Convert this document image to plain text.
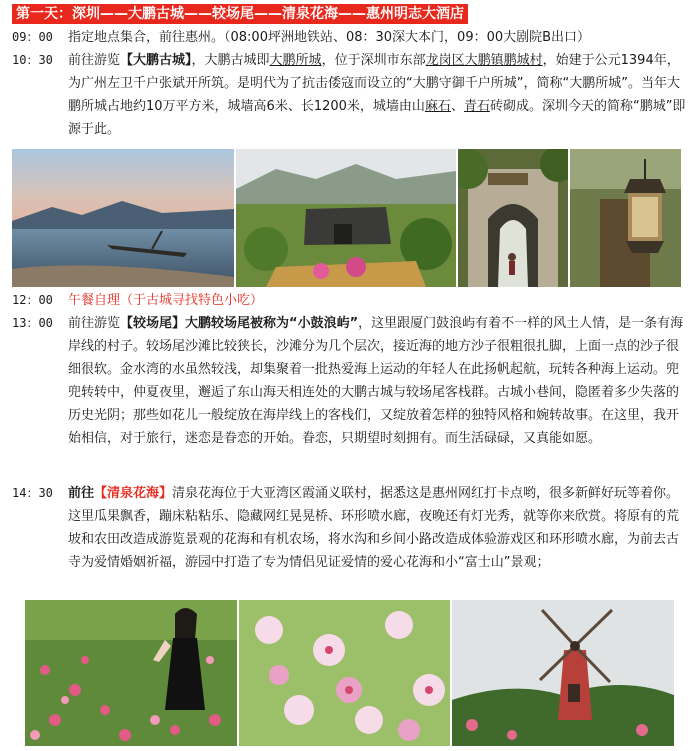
第一天：深圳——大鹏古城——较场尾——清泉花海——惠州明志大酒店
09：00	指定地点集合，前往惠州。（08:00坪洲地铁站、08：30深大本门，09：00大剧院B出口）
10：30	前往游览【大鹏古城】，大鹏古城即大鹏所城，位于深圳市东部龙岗区大鹏镇鹏城村，始建于公元1394年， 为广州左卫千户张斌开所筑。是明代为了抗击倭寇而设立的“大鹏守御千户所城”，简称“大鹏所城”。当年大鹏所城占地约10万平方米，城墙高6米、长1200米，城墙由山麻石、青石砖砌成。深圳今天的简称“鹏城”即源于此。
12：00	午餐自理（于古城寻找特色小吃）
13：00	前往游览【较场尾】大鹏较场尾被称为“小鼓浪屿”，这里跟厦门鼓浪屿有着不一样的风土人情，是一条有海岸线的村子。较场尾沙滩比较狭长，沙滩分为几个层次，接近海的地方沙子很粗很扎脚，上面一点的沙子很细很软。金水湾的水虽然较浅，却集聚着一批热爱海上运动的年轻人在此扬帆起航，玩转各种海上运动。兜兜转转中，仲夏夜里，邂逅了东山海天相连处的大鹏古城与较场尾客栈群。古城小巷间，隐匿着多少失落的历史光阴；那些如花儿一般绽放在海岸线上的客栈们，又绽放着怎样的独特风格和婉转故事。在这里，我开始相信，对于旅行，迷恋是眷恋的开始。眷恋，只期望时刻拥有。而生活碌碌，又真能如愿。
14：30	前往【清泉花海】清泉花海位于大亚湾区霞涌义联村，据悉这是惠州网红打卡点哟，很多新鲜好玩等着你。这里瓜果飘香，蹦床粘粘乐、隐藏网红晃晃桥、环形喷水廊，夜晚还有灯光秀，就等你来欣赏。将原有的荒坡和农田改造成游览景观的花海和有机农场，将水沟和乡间小路改造成体验游戏区和环形喷水廊，为前去古寺为爱情婚姻祈福，游园中打造了专为情侣见证爱情的爱心花海和小“富士山”景观；
